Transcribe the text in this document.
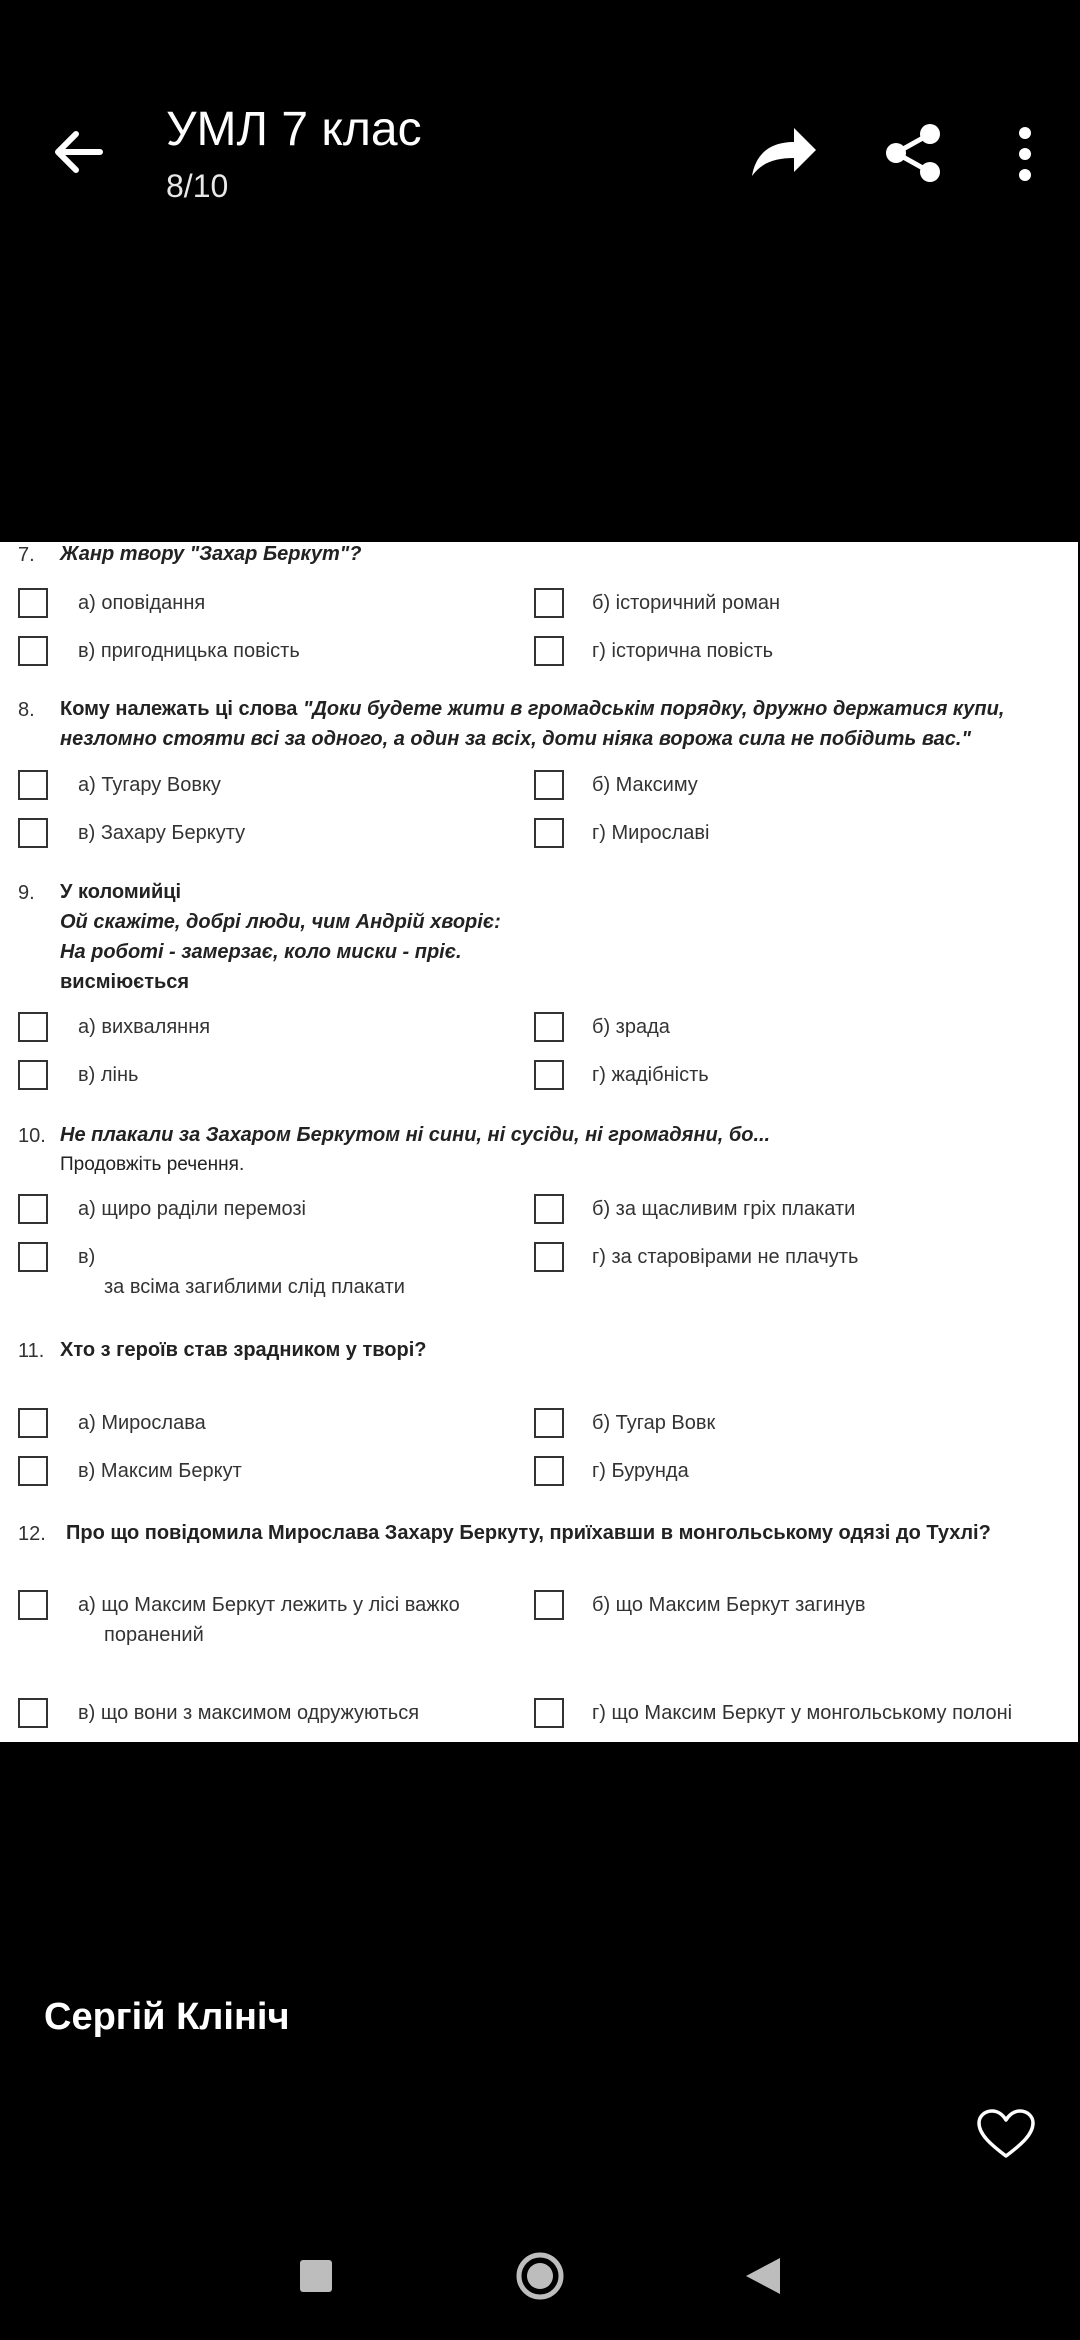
УМЛ 7 клас
8/10
7. Жанр твору "Захар Беркут"?
а) оповідання	б) історичний роман
в) пригодницька повість	г) історична повість
8. Кому належать ці слова "Доки будете жити в громадськім порядку, дружно держатися купи,
незломно стояти всі за одного, а один за всіх, доти ніяка ворожа сила не побідить вас."
а) Тугару Вовку	б) Максиму
в) Захару Беркуту	г) Мирославі
9. У коломийці
Ой скажіте, добрі люди, чим Андрій хворіє:
На роботі - замерзає, коло миски - пріє.
висміюється
а) вихваляння	б) зрада
в) лінь	г) жадібність
10. Не плакали за Захаром Беркутом ні сини, ні сусіди, ні громадяни, бо...
Продовжіть речення.
а) щиро раділи перемозі	б) за щасливим гріх плакати
в)
за всіма загиблими слід плакати
г) за старовірами не плачуть
11. Хто з героїв став зрадником у творі?
а) Мирослава	б) Тугар Вовк
в) Максим Беркут	г) Бурунда
12. Про що повідомила Мирослава Захару Беркуту, приїхавши в монгольському одязі до Тухлі?
а) що Максим Беркут лежить у лісі важко
поранений
б) що Максим Беркут загинув
в) що вони з максимом одружуються	г) що Максим Беркут у монгольському полоні
Сергій Клініч
